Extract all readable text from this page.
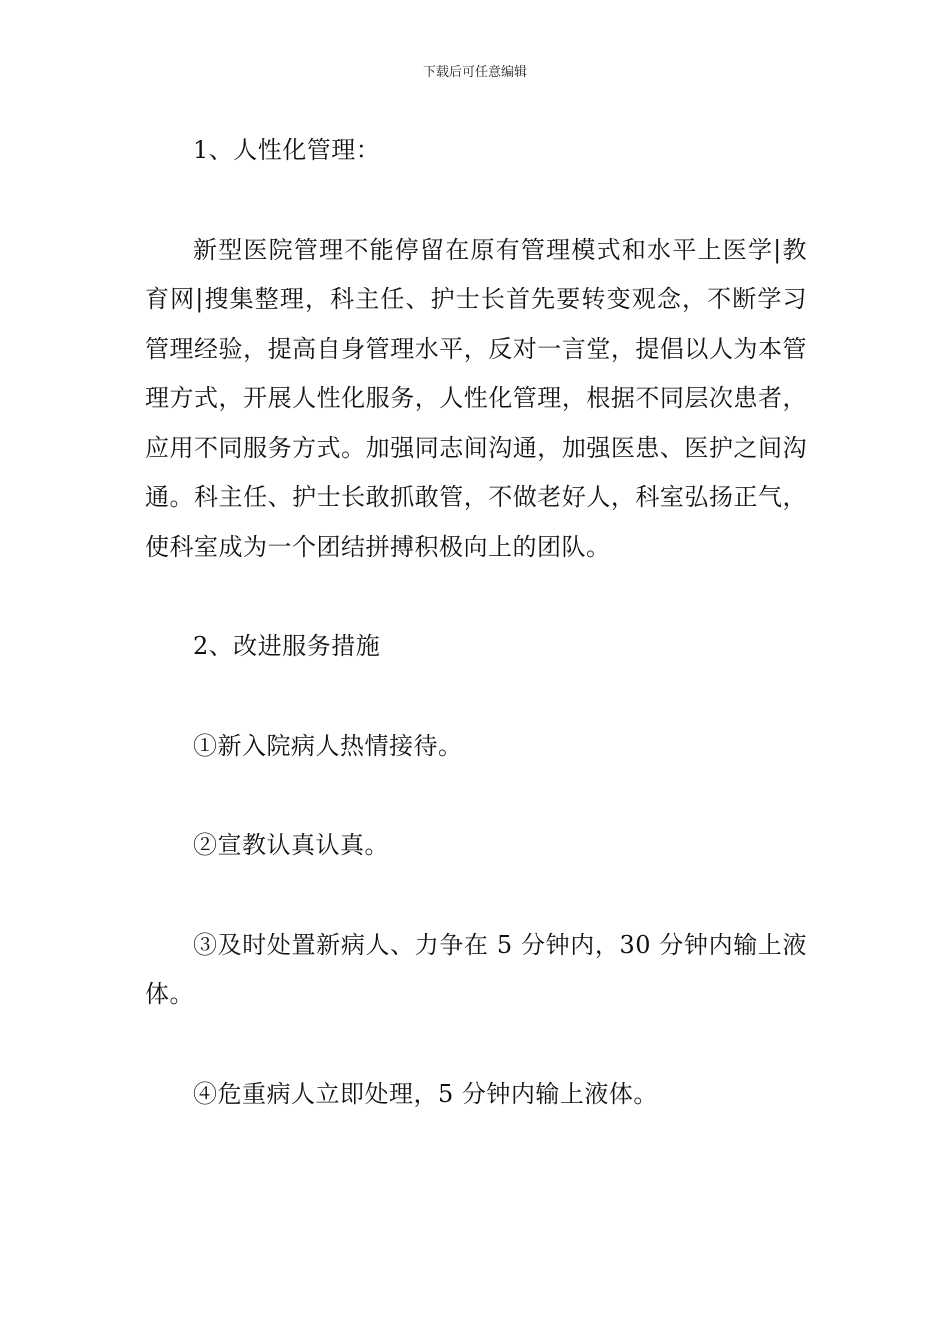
下载后可任意编辑

1、人性化管理：

新型医院管理不能停留在原有管理模式和水平上医学|教育网|搜集整理，科主任、护士长首先要转变观念，不断学习管理经验，提高自身管理水平，反对一言堂，提倡以人为本管理方式，开展人性化服务，人性化管理，根据不同层次患者，应用不同服务方式。加强同志间沟通，加强医患、医护之间沟通。科主任、护士长敢抓敢管，不做老好人，科室弘扬正气，使科室成为一个团结拼搏积极向上的团队。

2、改进服务措施

①新入院病人热情接待。

②宣教认真认真。

③及时处置新病人、力争在 5 分钟内，30 分钟内输上液体。

④危重病人立即处理，5 分钟内输上液体。
